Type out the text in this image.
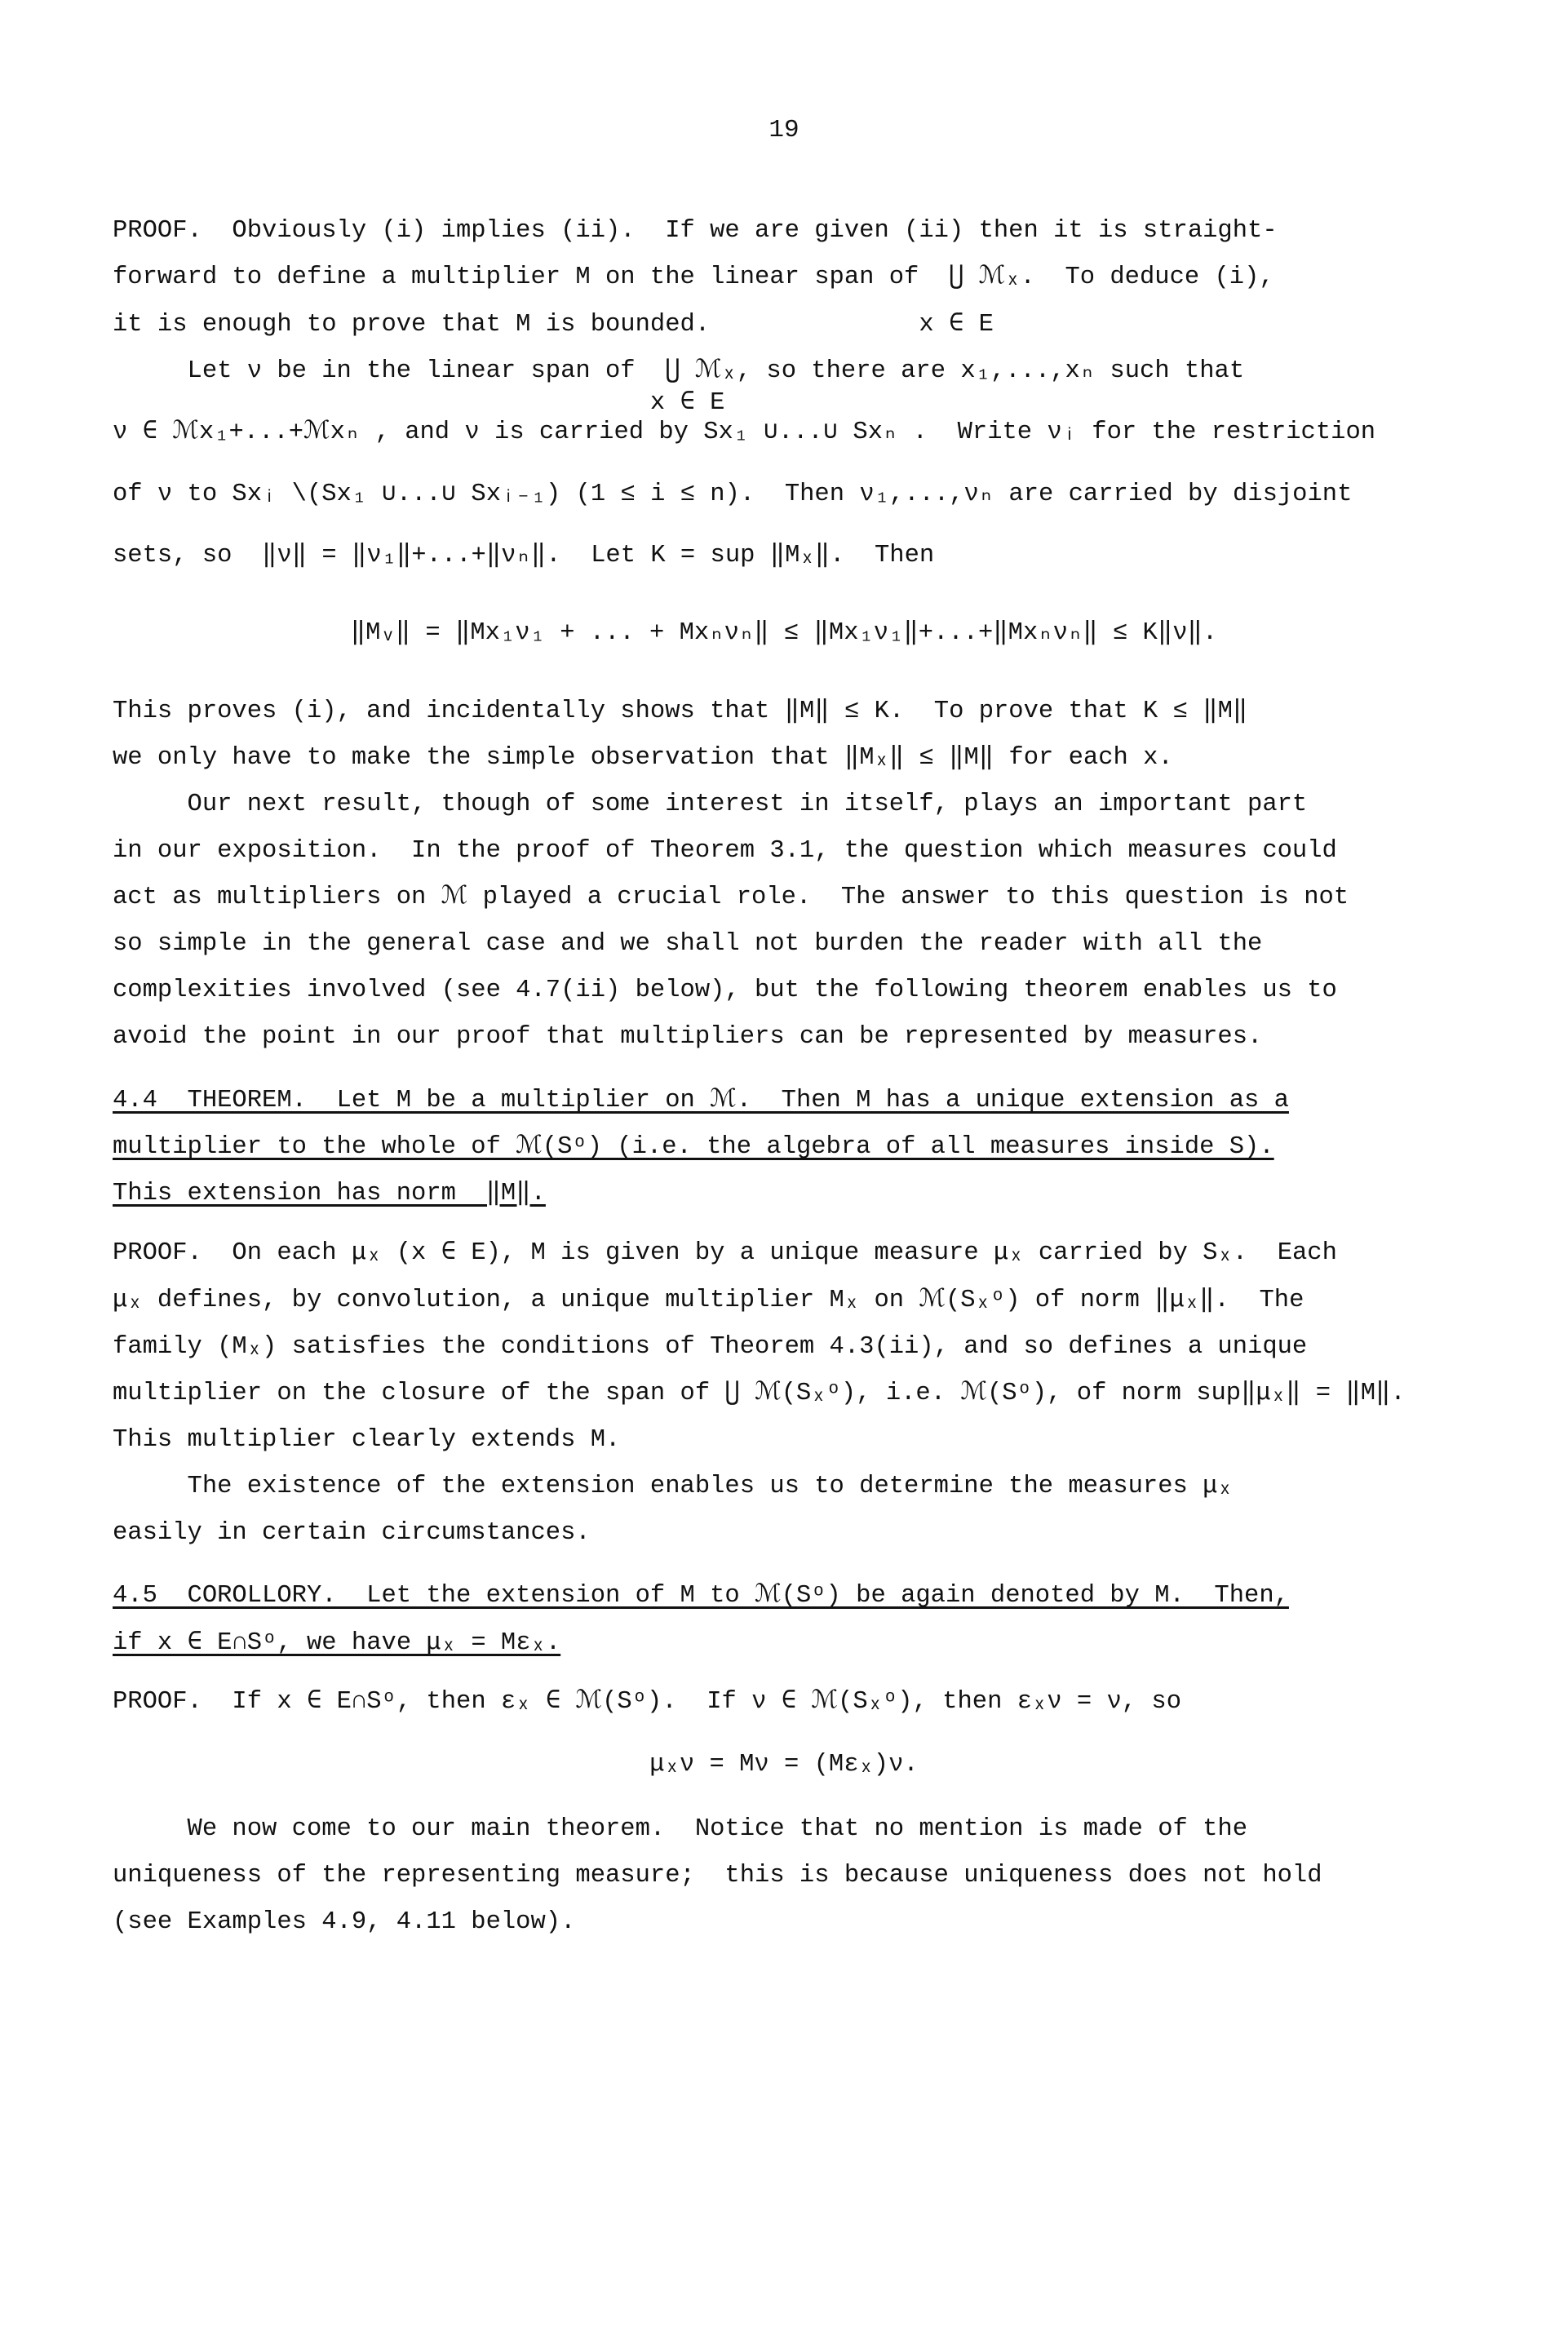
19
PROOF.  Obviously (i) implies (ii).  If we are given (ii) then it is straight-
forward to define a multiplier M on the linear span of  ⋃ ℳₓ.  To deduce (i),
it is enough to prove that M is bounded.              x ∈ E
Let ν be in the linear span of  ⋃ ℳₓ, so there are x₁,...,xₙ such that
x ∈ E
ν ∈ ℳx₁+...+ℳxₙ , and ν is carried by Sx₁ ∪...∪ Sxₙ .  Write νᵢ for the restriction
of ν to Sxᵢ \(Sx₁ ∪...∪ Sxᵢ₋₁) (1 ≤ i ≤ n).  Then ν₁,...,νₙ are carried by disjoint
sets, so  ‖ν‖ = ‖ν₁‖+...+‖νₙ‖.  Let K = sup ‖Mₓ‖.  Then
‖Mᵥ‖ = ‖Mx₁ν₁ + ... + Mxₙνₙ‖ ≤ ‖Mx₁ν₁‖+...+‖Mxₙνₙ‖ ≤ K‖ν‖.
This proves (i), and incidentally shows that ‖M‖ ≤ K.  To prove that K ≤ ‖M‖
we only have to make the simple observation that ‖Mₓ‖ ≤ ‖M‖ for each x.
Our next result, though of some interest in itself, plays an important part
in our exposition.  In the proof of Theorem 3.1, the question which measures could
act as multipliers on ℳ played a crucial role.  The answer to this question is not
so simple in the general case and we shall not burden the reader with all the
complexities involved (see 4.7(ii) below), but the following theorem enables us to
avoid the point in our proof that multipliers can be represented by measures.
4.4  THEOREM.  Let M be a multiplier on ℳ.  Then M has a unique extension as a
multiplier to the whole of ℳ(Sᵒ) (i.e. the algebra of all measures inside S).
This extension has norm  ‖M‖.
PROOF.  On each μₓ (x ∈ E), M is given by a unique measure μₓ carried by Sₓ.  Each
μₓ defines, by convolution, a unique multiplier Mₓ on ℳ(Sₓᵒ) of norm ‖μₓ‖.  The
family (Mₓ) satisfies the conditions of Theorem 4.3(ii), and so defines a unique
multiplier on the closure of the span of ⋃ ℳ(Sₓᵒ), i.e. ℳ(Sᵒ), of norm sup‖μₓ‖ = ‖M‖.
This multiplier clearly extends M.
The existence of the extension enables us to determine the measures μₓ
easily in certain circumstances.
4.5  COROLLORY.  Let the extension of M to ℳ(Sᵒ) be again denoted by M.  Then,
if x ∈ E∩Sᵒ, we have μₓ = Mεₓ.
PROOF.  If x ∈ E∩Sᵒ, then εₓ ∈ ℳ(Sᵒ).  If ν ∈ ℳ(Sₓᵒ), then εₓν = ν, so
μₓν = Mν = (Mεₓ)ν.
We now come to our main theorem.  Notice that no mention is made of the
uniqueness of the representing measure;  this is because uniqueness does not hold
(see Examples 4.9, 4.11 below).
